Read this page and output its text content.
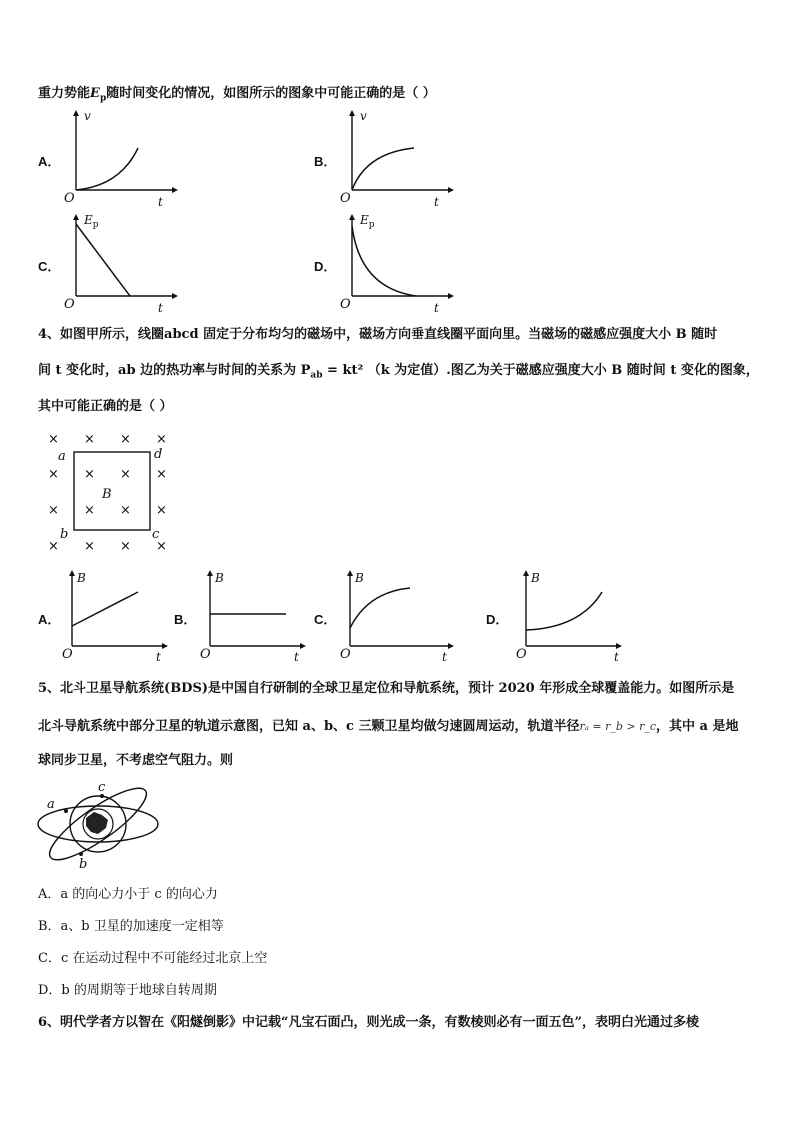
重力势能$E_p$随时间变化的情况，如图所示的图象中可能正确的是（ ）
A．	B．
C．	D．
v
t
O
v
t
O
$E_p$
t
O
$E_p$
t
O
4、如图甲所示，线圈abcd 固定于分布均匀的磁场中，磁场方向垂直线圈平面向里。当磁场的磁感应强度大小 B 随时
间 t 变化时，ab 边的热功率与时间的关系为 $P_{ab} = kt^2$ （k 为定值）.图乙为关于磁感应强度大小 B 随时间 t 变化的图象，
其中可能正确的是（ ）
× × × ×
× × × ×
× × × ×
× × × ×
a	d
b	c
B
A．	B．	C．	D．
B
t
O
B
t
O
B
t
O
B
t
O
5、北斗卫星导航系统(BDS)是中国自行研制的全球卫星定位和导航系统，预计 2020 年形成全球覆盖能力。如图所示是
北斗导航系统中部分卫星的轨道示意图，已知 a、b、c 三颗卫星均做匀速圆周运动，轨道半径rₐ = r_b > r_c，其中 a 是地
球同步卫星，不考虑空气阻力。则
a
c
b
A．a 的向心力小于 c 的向心力
B．a、b 卫星的加速度一定相等
C．c 在运动过程中不可能经过北京上空
D．b 的周期等于地球自转周期
6、明代学者方以智在《阳燧倒影》中记载“凡宝石面凸，则光成一条，有数棱则必有一面五色”，表明白光通过多棱
